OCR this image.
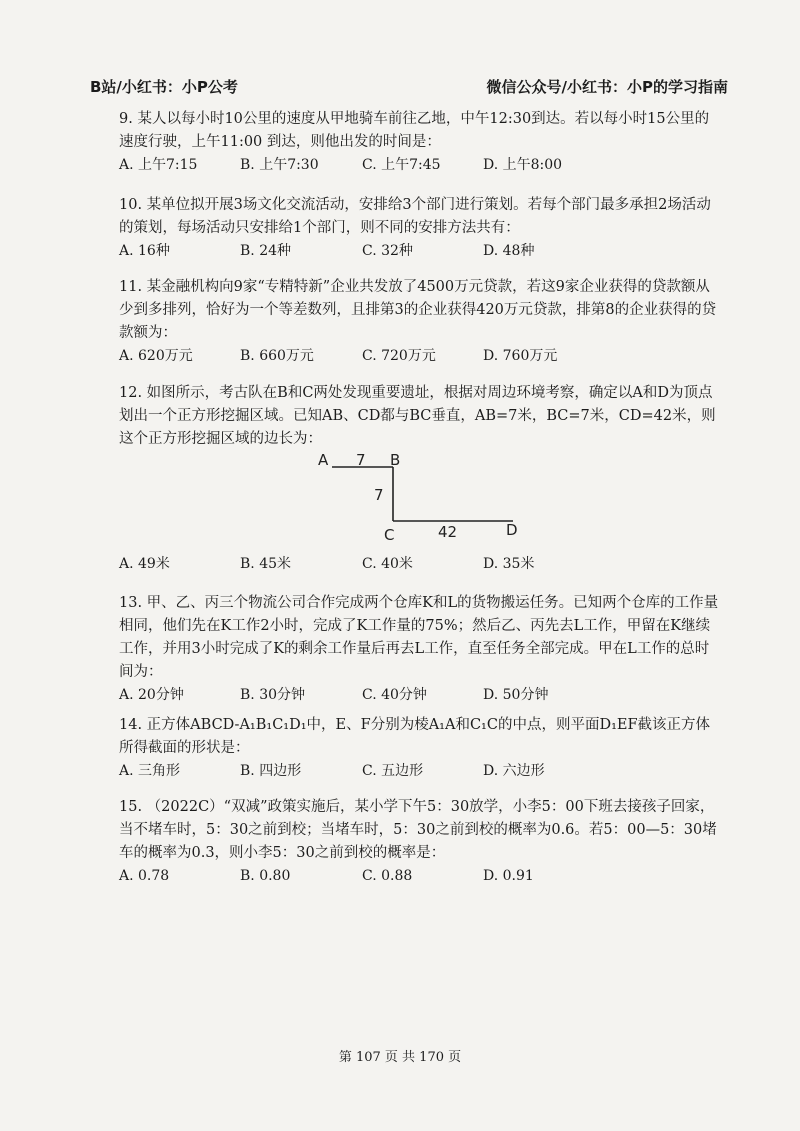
B站/小红书：小P公考	微信公众号/小红书：小P的学习指南

9. 某人以每小时10公里的速度从甲地骑车前往乙地，中午12:30到达。若以每小时15公里的速度行驶，上午11:00 到达，则他出发的时间是：

A. 上午7:15	B. 上午7:30	C. 上午7:45	D. 上午8:00

10. 某单位拟开展3场文化交流活动，安排给3个部门进行策划。若每个部门最多承担2场活动的策划，每场活动只安排给1个部门，则不同的安排方法共有：

A. 16种	B. 24种	C. 32种	D. 48种

11. 某金融机构向9家“专精特新”企业共发放了4500万元贷款，若这9家企业获得的贷款额从少到多排列，恰好为一个等差数列，且排第3的企业获得420万元贷款，排第8的企业获得的贷款额为：

A. 620万元	B. 660万元	C. 720万元	D. 760万元

12. 如图所示，考古队在B和C两处发现重要遗址，根据对周边环境考察，确定以A和D为顶点划出一个正方形挖掘区域。已知AB、CD都与BC垂直，AB=7米，BC=7米，CD=42米，则这个正方形挖掘区域的边长为：

A	B
C	D
7
7
42
A. 49米	B. 45米	C. 40米	D. 35米

13. 甲、乙、丙三个物流公司合作完成两个仓库K和L的货物搬运任务。已知两个仓库的工作量相同，他们先在K工作2小时，完成了K工作量的75%；然后乙、丙先去L工作，甲留在K继续工作，并用3小时完成了K的剩余工作量后再去L工作，直至任务全部完成。甲在L工作的总时间为：

A. 20分钟	B. 30分钟	C. 40分钟	D. 50分钟

14. 正方体ABCD-A₁B₁C₁D₁中，E、F分别为棱A₁A和C₁C的中点，则平面D₁EF截该正方体所得截面的形状是：

A. 三角形	B. 四边形	C. 五边形	D. 六边形

15. （2022C）“双减”政策实施后，某小学下午5：30放学，小李5：00下班去接孩子回家，当不堵车时，5：30之前到校；当堵车时，5：30之前到校的概率为0.6。若5：00—5：30堵车的概率为0.3，则小李5：30之前到校的概率是：

A. 0.78	B. 0.80	C. 0.88	D. 0.91
第 107 页 共 170 页
